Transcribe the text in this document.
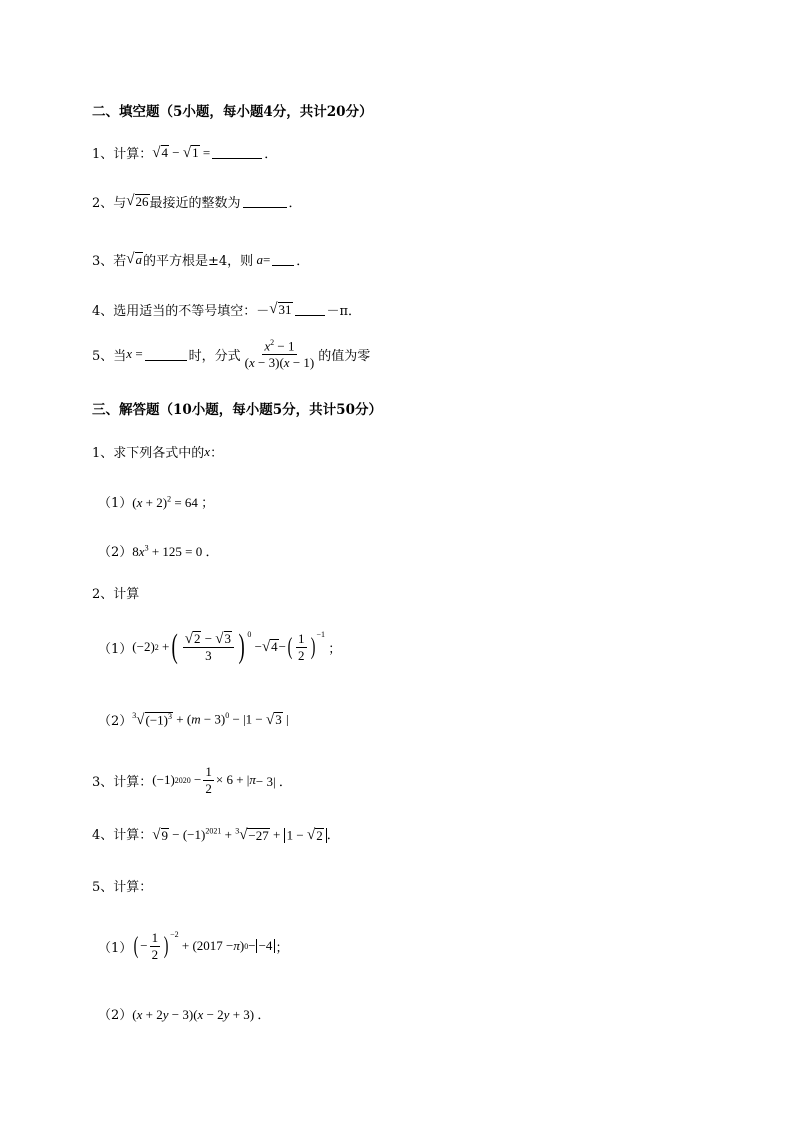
二、填空题（5小题，每小题4分，共计20分）
1、计算： √ 4 − √ 1 =	．
2、与 √ 26 最接近的整数为	．
3、若 √ a 的平方根是±4，则 a = ．
4、选用适当的不等号填空：－ √ 31	－π．
5、当 x =	时，分式 $\frac{x^2 - 1}{(x - 3)(x - 1)}$ 的值为零
三、解答题（10小题，每小题5分，共计50分）
1、求下列各式中的 x ：
（1） $(x + 2)^2 = 64$ ；
（2） $8x^3 + 125 = 0$ ．
2、计算
（1） (−2) 2 + ( $\frac{√ 2 - √ 3}{3}$ ) $^0$
− √ 4 − ( $\frac{1}{2} )^{-1}$
；
（2） $^3$ √ $(-1)^3 + (m - 3)^0 - |1$ − √ 3 |
3、计算： (−1) $2020 - \frac{1}{2} \times 6$ + | π − 3| ．
4、计算： √ $9 - (-1)^{2021} + ^3$ √ −27 + 1 − √ 2 ．
5、计算：
（1） ( − $\frac{1}{2} )^{-2}$
+ (2017 − π ) 0 − −4 ；
（2） (x + 2y − 3)(x − 2y + 3) ．
